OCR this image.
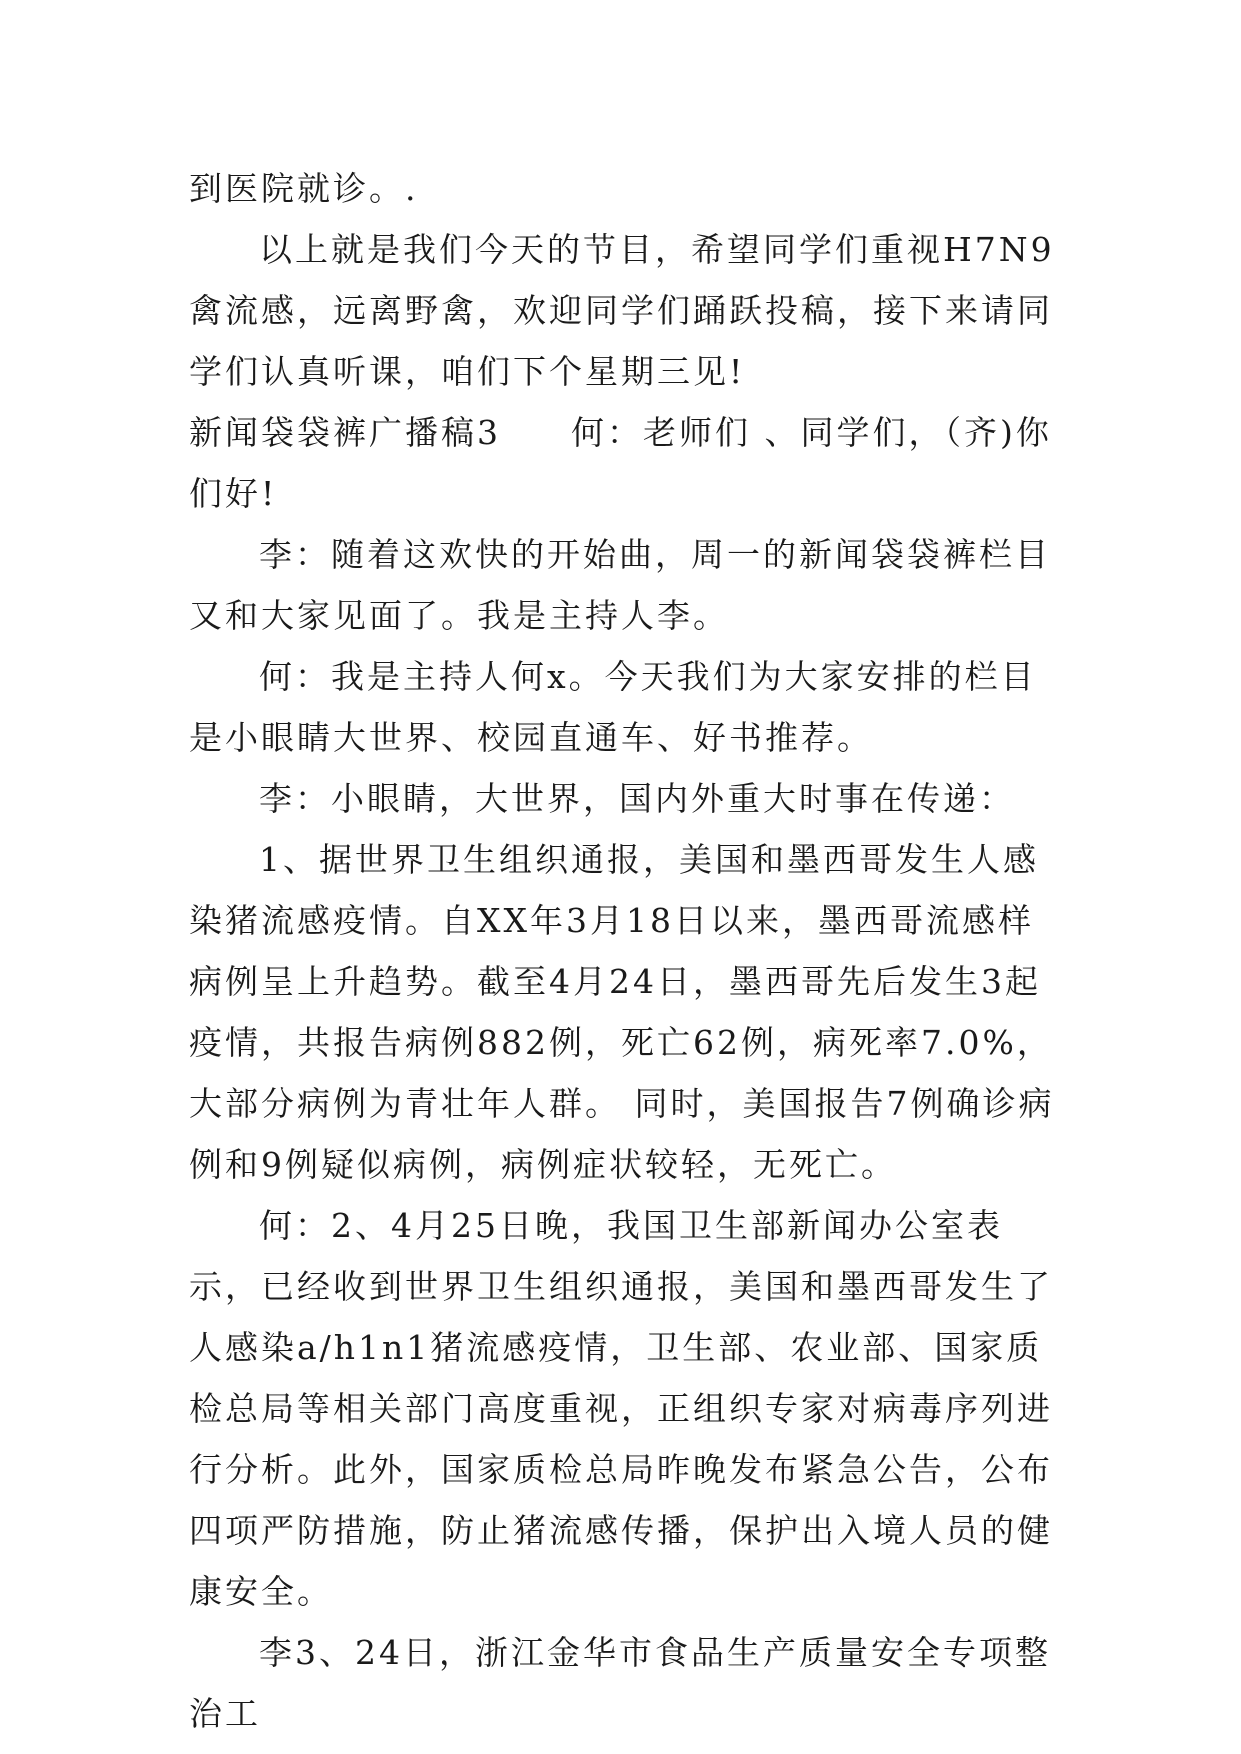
到医院就诊。.

以上就是我们今天的节目，希望同学们重视H7N9禽流感，远离野禽，欢迎同学们踊跃投稿，接下来请同学们认真听课，咱们下个星期三见!

新闻袋袋裤广播稿3 何：老师们 、同学们，（齐)你们好!

李：随着这欢快的开始曲，周一的新闻袋袋裤栏目又和大家见面了。我是主持人李。

何：我是主持人何x。今天我们为大家安排的栏目是小眼睛大世界、校园直通车、好书推荐。

李：小眼睛，大世界，国内外重大时事在传递：

1、据世界卫生组织通报，美国和墨西哥发生人感染猪流感疫情。自XX年3月18日以来，墨西哥流感样病例呈上升趋势。截至4月24日，墨西哥先后发生3起疫情，共报告病例882例，死亡62例，病死率7.0%，大部分病例为青壮年人群。 同时，美国报告7例确诊病例和9例疑似病例，病例症状较轻，无死亡。

何：2、4月25日晚，我国卫生部新闻办公室表示，已经收到世界卫生组织通报，美国和墨西哥发生了人感染a/h1n1猪流感疫情，卫生部、农业部、国家质检总局等相关部门高度重视，正组织专家对病毒序列进行分析。此外，国家质检总局昨晚发布紧急公告，公布四项严防措施，防止猪流感传播，保护出入境人员的健康安全。

李3、24日，浙江金华市食品生产质量安全专项整治工
